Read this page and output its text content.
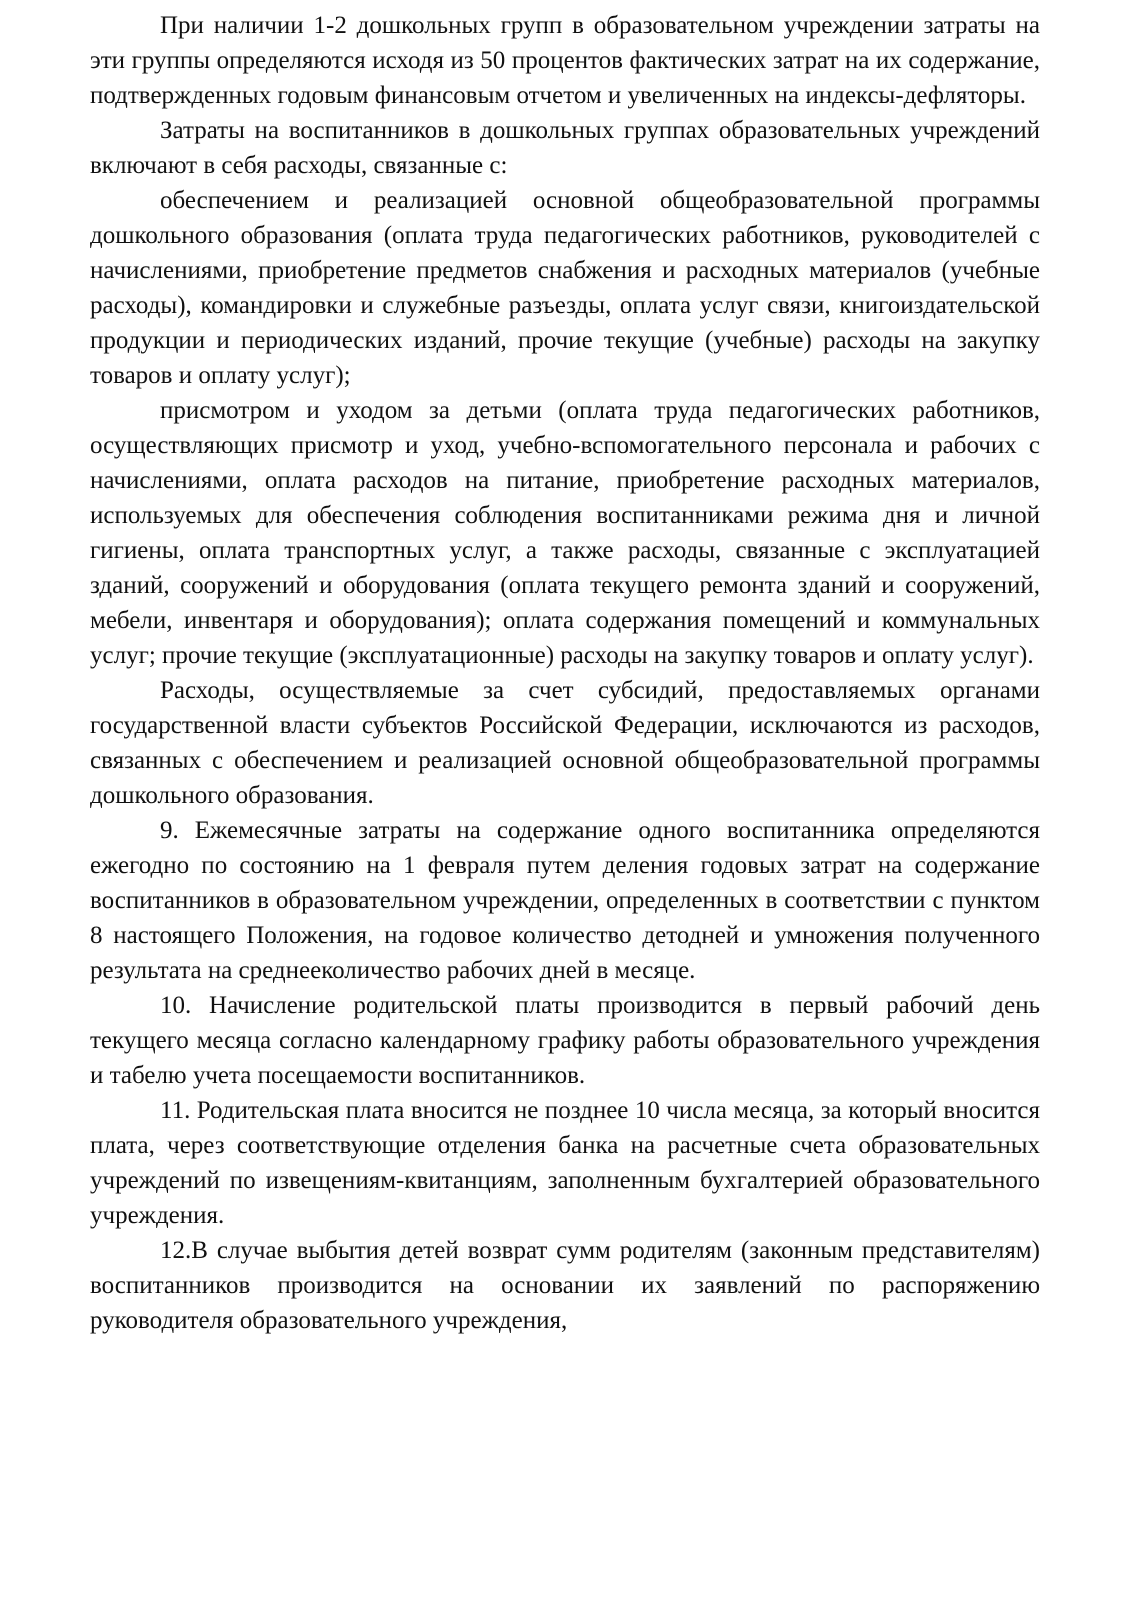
При наличии 1-2 дошкольных групп в образовательном учреждении затраты на эти группы определяются исходя из 50 процентов фактических затрат на их содержание, подтвержденных годовым финансовым отчетом и увеличенных на индексы-дефляторы.

Затраты на воспитанников в дошкольных группах образовательных учреждений включают в себя расходы, связанные с:

обеспечением и реализацией основной общеобразовательной программы дошкольного образования (оплата труда педагогических работников, руководителей с начислениями, приобретение предметов снабжения и расходных материалов (учебные расходы), командировки и служебные разъезды, оплата услуг связи, книгоиздательской продукции и периодических изданий, прочие текущие (учебные) расходы на закупку товаров и оплату услуг);

присмотром и уходом за детьми (оплата труда педагогических работников, осуществляющих присмотр и уход, учебно-вспомогательного персонала и рабочих с начислениями, оплата расходов на питание, приобретение расходных материалов, используемых для обеспечения соблюдения воспитанниками режима дня и личной гигиены, оплата транспортных услуг, а также расходы, связанные с эксплуатацией зданий, сооружений и оборудования (оплата текущего ремонта зданий и сооружений, мебели, инвентаря и оборудования); оплата содержания помещений и коммунальных услуг; прочие текущие (эксплуатационные) расходы на закупку товаров и оплату услуг).

Расходы, осуществляемые за счет субсидий, предоставляемых органами государственной власти субъектов Российской Федерации, исключаются из расходов, связанных с обеспечением и реализацией основной общеобразовательной программы дошкольного образования.

9. Ежемесячные затраты на содержание одного воспитанника определяются ежегодно по состоянию на 1 февраля путем деления годовых затрат на содержание воспитанников в образовательном учреждении, определенных в соответствии с пунктом 8 настоящего Положения, на годовое количество детодней и умножения полученного результата на среднееколичество рабочих дней в месяце.

10. Начисление родительской платы производится в первый рабочий день текущего месяца согласно календарному графику работы образовательного учреждения и табелю учета посещаемости воспитанников.

11. Родительская плата вносится не позднее 10 числа месяца, за который вносится плата, через соответствующие отделения банка на расчетные счета образовательных учреждений по извещениям-квитанциям, заполненным бухгалтерией образовательного учреждения.

12.В случае выбытия детей возврат сумм родителям (законным представителям) воспитанников производится на основании их заявлений по распоряжению руководителя образовательного учреждения,
